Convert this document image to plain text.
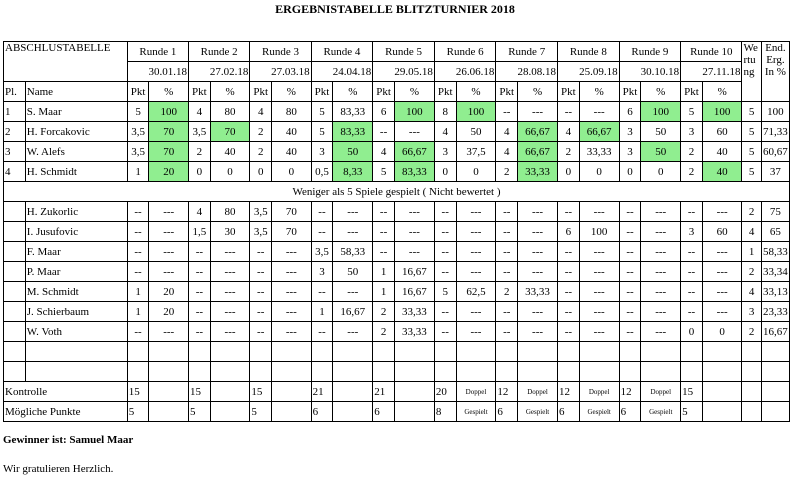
ERGEBNISTABELLE BLITZTURNIER 2018
ABSCHLUSTABELLE		Runde 1		Runde 2		Runde 3		Runde 4		Runde 5		Runde 6		Runde 7		Runde 8		Runde 9		Runde 10		Wertung	End. Erg. In %
		30.01.18		27.02.18		27.03.18		24.04.18		29.05.18		26.06.18		28.08.18		25.09.18		30.10.18		27.11.18			
Pl.	Name	Pkt	%	Pkt	%	Pkt	%	Pkt	%	Pkt	%	Pkt	%	Pkt	%	Pkt	%	Pkt	%	Pkt	%		
1	S. Maar	5	100	4	80	4	80	5	83,33	6	100	8	100	--	---	--	---	6	100	5	100	5	100
2	H. Forcakovic	3,5	70	3,5	70	2	40	5	83,33	--	---	4	50	4	66,67	4	66,67	3	50	3	60	5	71,33
3	W. Alefs	3,5	70	2	40	2	40	3	50	4	66,67	3	37,5	4	66,67	2	33,33	3	50	2	40	5	60,67
4	H. Schmidt	1	20	0	0	0	0	0,5	8,33	5	83,33	0	0	2	33,33	0	0	0	0	2	40	5	37
Weniger als 5 Spiele gespielt ( Nicht bewertet )																							
	H. Zukorlic	--	---	4	80	3,5	70	--	---	--	---	--	---	--	---	--	---	--	---	--	---	2	75
	I. Jusufovic	--	---	1,5	30	3,5	70	--	---	--	---	--	---	--	---	6	100	--	---	3	60	4	65
	F. Maar	--	---	--	---	--	---	3,5	58,33	--	---	--	---	--	---	--	---	--	---	--	---	1	58,33
	P. Maar	--	---	--	---	--	---	3	50	1	16,67	--	---	--	---	--	---	--	---	--	---	2	33,34
	M. Schmidt	1	20	--	---	--	---	--	---	1	16,67	5	62,5	2	33,33	--	---	--	---	--	---	4	33,13
	J. Schierbaum	1	20	--	---	--	---	1	16,67	2	33,33	--	---	--	---	--	---	--	---	--	---	3	23,33
	W. Voth	--	---	--	---	--	---	--	---	2	33,33	--	---	--	---	--	---	--	---	0	0	2	16,67

Kontrolle		15		15		15		21		21		20	Doppel	12	Doppel	12	Doppel	12	Doppel	15			
Mögliche Punkte		5		5		5		6		6		8	Gespielt	6	Gespielt	6	Gespielt	6	Gespielt	5			
Gewinner ist: Samuel Maar
Wir gratulieren Herzlich.
